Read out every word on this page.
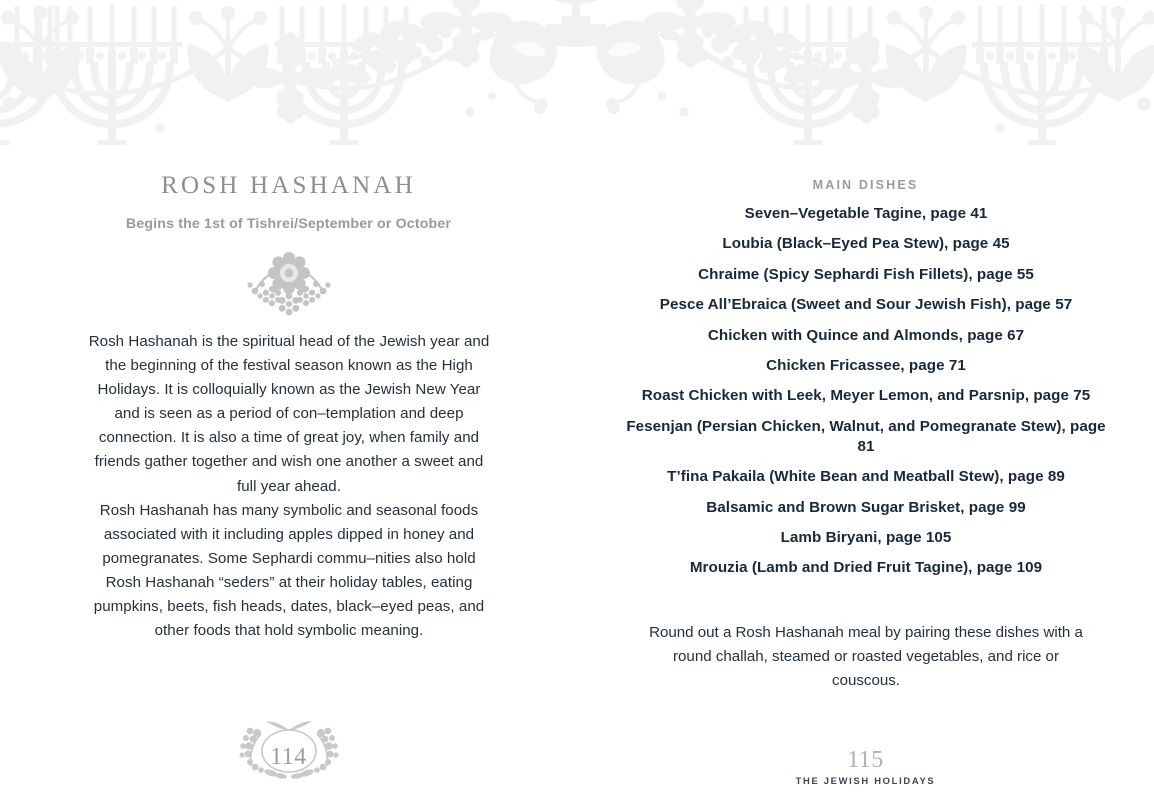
ROSH HASHANAH
Begins the 1st of Tishrei/September or October

Rosh Hashanah is the spiritual head of the Jewish year and the beginning of the festival season known as the High Holidays. It is colloquially known as the Jewish New Year and is seen as a period of con–templation and deep connection. It is also a time of great joy, when family and friends gather together and wish one another a sweet and full year ahead.

Rosh Hashanah has many symbolic and seasonal foods associated with it including apples dipped in honey and pomegranates. Some Sephardi commu–nities also hold Rosh Hashanah “seders” at their holiday tables, eating pumpkins, beets, fish heads, dates, black–eyed peas, and other foods that hold symbolic meaning.

114
MAIN DISHES

Seven–Vegetable Tagine, page 41

Loubia (Black–Eyed Pea Stew), page 45

Chraime (Spicy Sephardi Fish Fillets), page 55

Pesce All’Ebraica (Sweet and Sour Jewish Fish), page 57

Chicken with Quince and Almonds, page 67

Chicken Fricassee, page 71

Roast Chicken with Leek, Meyer Lemon, and Parsnip, page 75

Fesenjan (Persian Chicken, Walnut, and Pomegranate Stew), page 81

T’fina Pakaila (White Bean and Meatball Stew), page 89

Balsamic and Brown Sugar Brisket, page 99

Lamb Biryani, page 105

Mrouzia (Lamb and Dried Fruit Tagine), page 109

Round out a Rosh Hashanah meal by pairing these dishes with a round challah, steamed or roasted vegetables, and rice or couscous.

115
THE JEWISH HOLIDAYS
